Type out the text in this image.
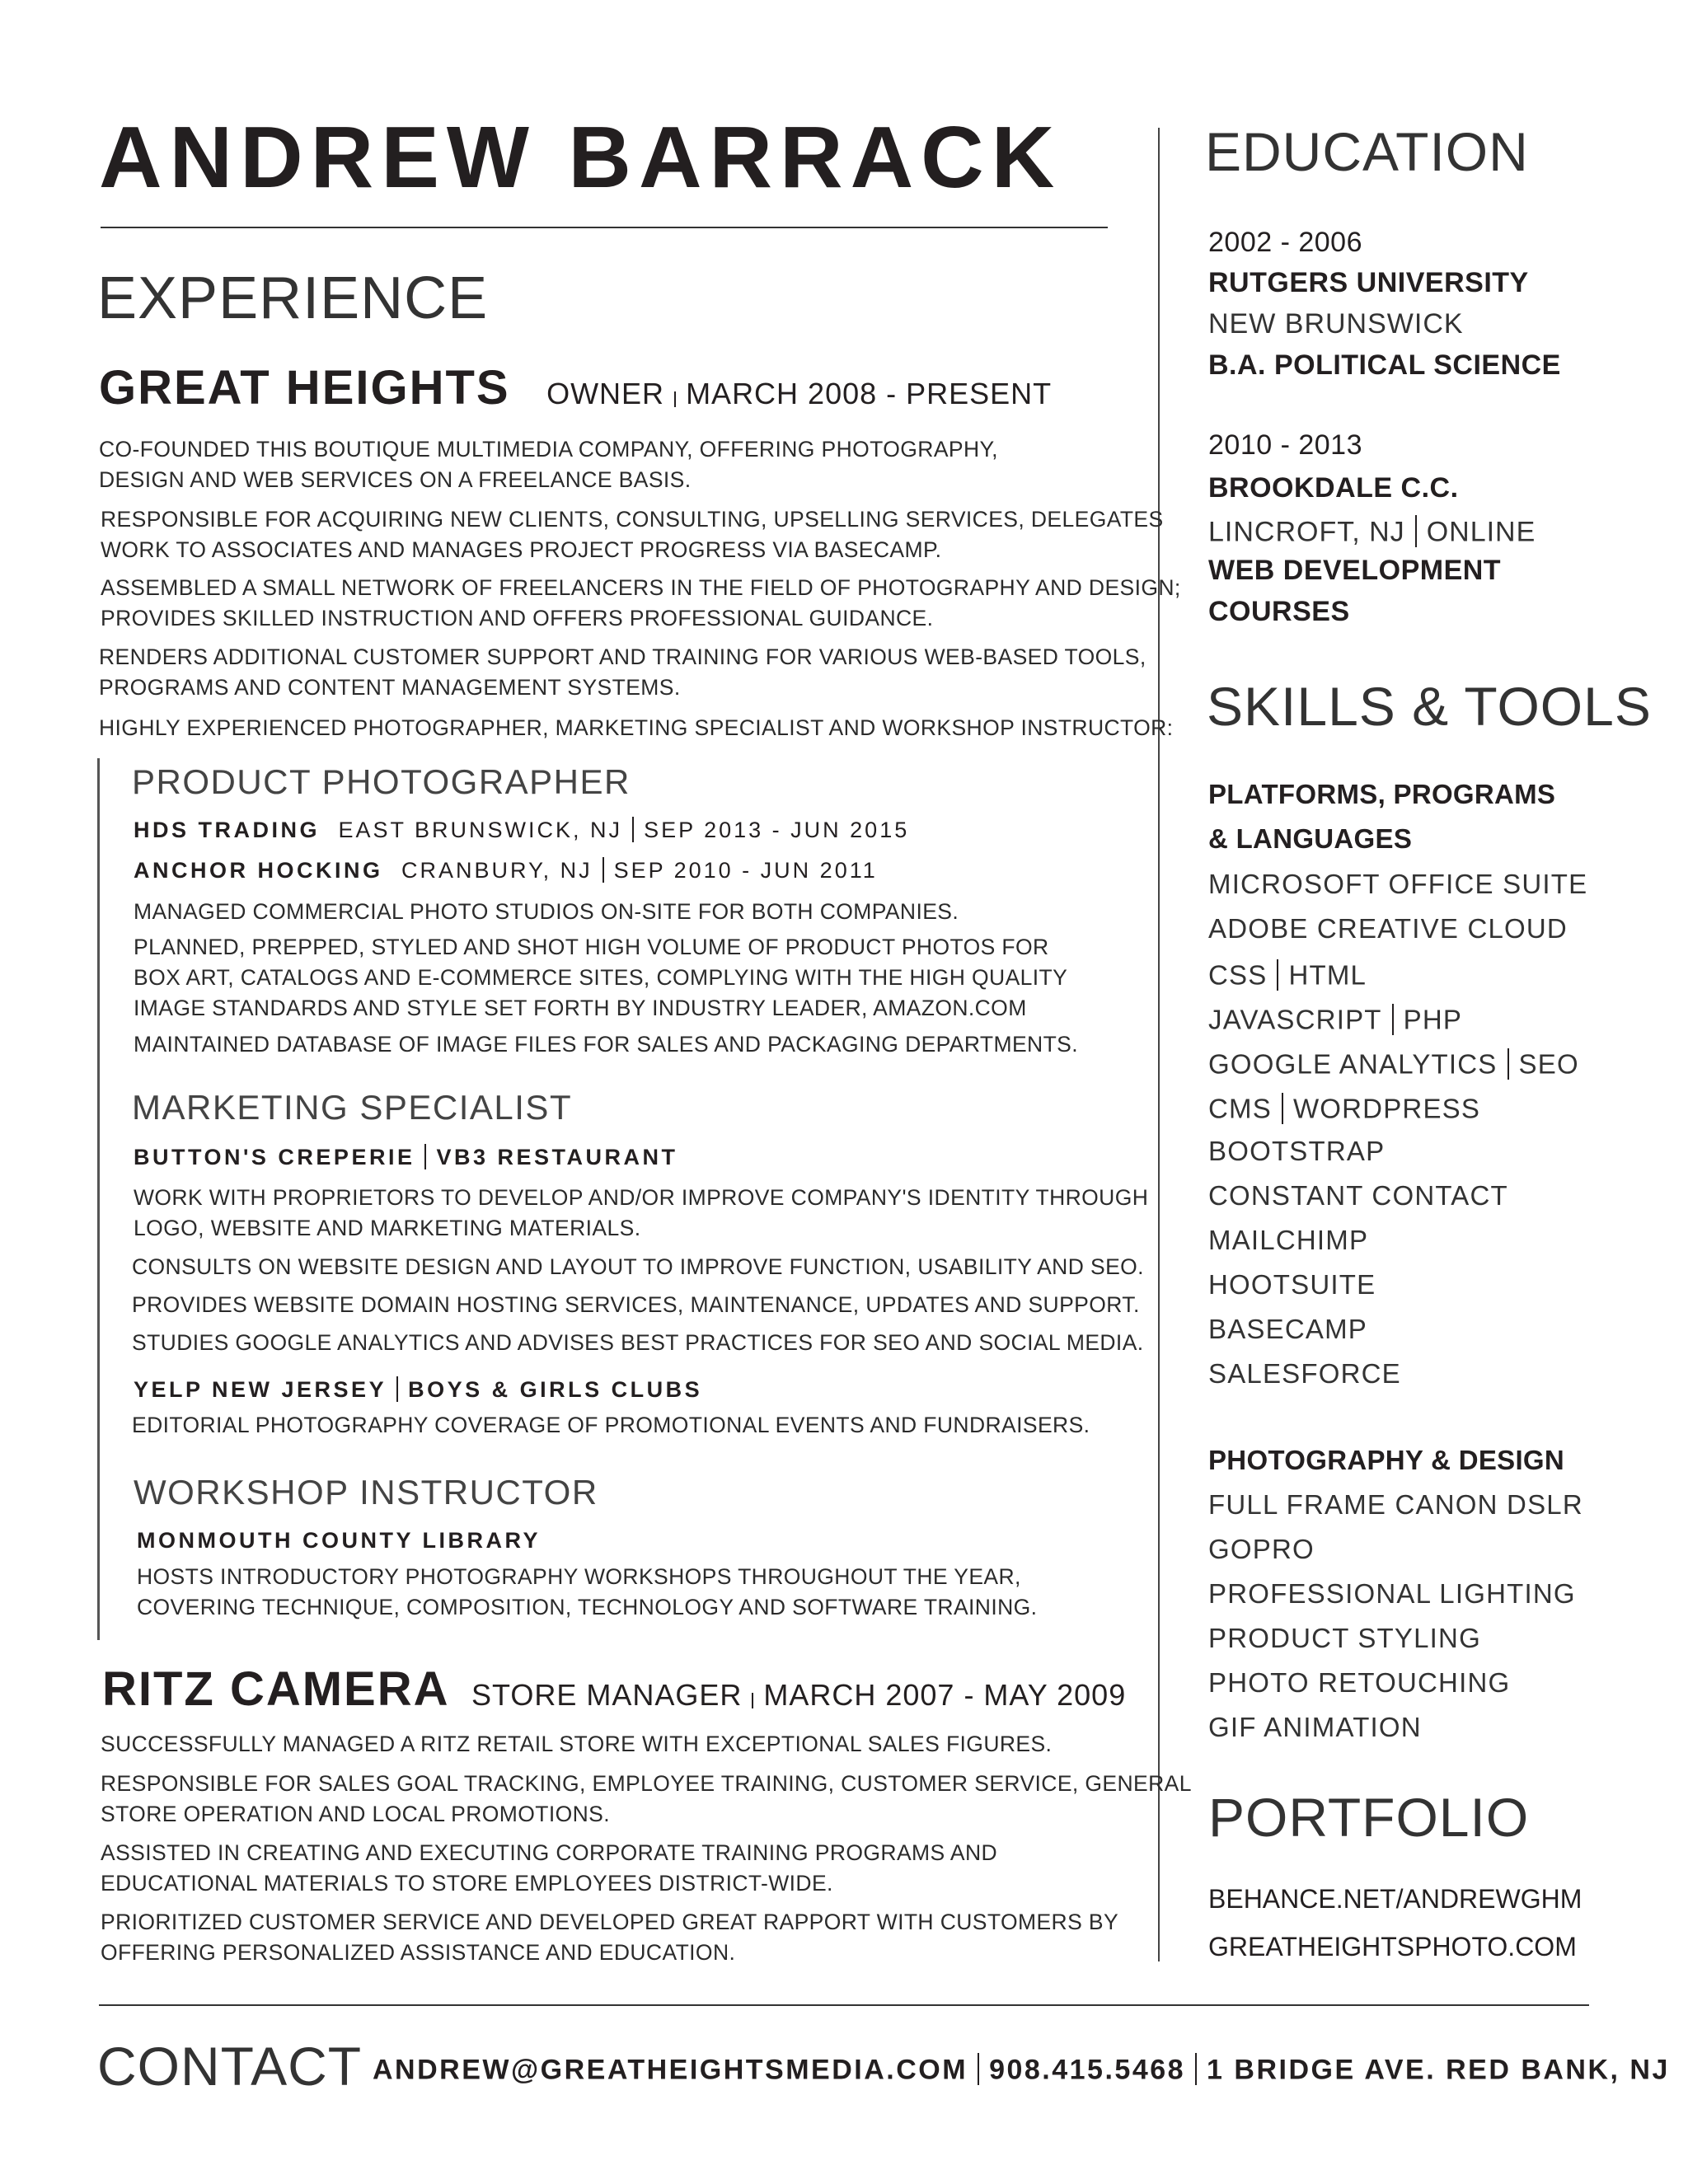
ANDREW BARRACK
EXPERIENCE
GREAT HEIGHTS OWNER MARCH 2008 - PRESENT
CO-FOUNDED THIS BOUTIQUE MULTIMEDIA COMPANY, OFFERING PHOTOGRAPHY,
DESIGN AND WEB SERVICES ON A FREELANCE BASIS.
RESPONSIBLE FOR ACQUIRING NEW CLIENTS, CONSULTING, UPSELLING SERVICES, DELEGATES
WORK TO ASSOCIATES AND MANAGES PROJECT PROGRESS VIA BASECAMP.
ASSEMBLED A SMALL NETWORK OF FREELANCERS IN THE FIELD OF PHOTOGRAPHY AND DESIGN;
PROVIDES SKILLED INSTRUCTION AND OFFERS PROFESSIONAL GUIDANCE.
RENDERS ADDITIONAL CUSTOMER SUPPORT AND TRAINING FOR VARIOUS WEB-BASED TOOLS,
PROGRAMS AND CONTENT MANAGEMENT SYSTEMS.
HIGHLY EXPERIENCED PHOTOGRAPHER, MARKETING SPECIALIST AND WORKSHOP INSTRUCTOR:
PRODUCT PHOTOGRAPHER
HDS TRADING EAST BRUNSWICK, NJ SEP 2013 - JUN 2015
ANCHOR HOCKING CRANBURY, NJ SEP 2010 - JUN 2011
MANAGED COMMERCIAL PHOTO STUDIOS ON-SITE FOR BOTH COMPANIES.
PLANNED, PREPPED, STYLED AND SHOT HIGH VOLUME OF PRODUCT PHOTOS FOR
BOX ART, CATALOGS AND E-COMMERCE SITES, COMPLYING WITH THE HIGH QUALITY
IMAGE STANDARDS AND STYLE SET FORTH BY INDUSTRY LEADER, AMAZON.COM
MAINTAINED DATABASE OF IMAGE FILES FOR SALES AND PACKAGING DEPARTMENTS.
MARKETING SPECIALIST
BUTTON'S CREPERIE VB3 RESTAURANT
WORK WITH PROPRIETORS TO DEVELOP AND/OR IMPROVE COMPANY'S IDENTITY THROUGH
LOGO, WEBSITE AND MARKETING MATERIALS.
CONSULTS ON WEBSITE DESIGN AND LAYOUT TO IMPROVE FUNCTION, USABILITY AND SEO.
PROVIDES WEBSITE DOMAIN HOSTING SERVICES, MAINTENANCE, UPDATES AND SUPPORT.
STUDIES GOOGLE ANALYTICS AND ADVISES BEST PRACTICES FOR SEO AND SOCIAL MEDIA.
YELP NEW JERSEY BOYS & GIRLS CLUBS
EDITORIAL PHOTOGRAPHY COVERAGE OF PROMOTIONAL EVENTS AND FUNDRAISERS.
WORKSHOP INSTRUCTOR
MONMOUTH COUNTY LIBRARY
HOSTS INTRODUCTORY PHOTOGRAPHY WORKSHOPS THROUGHOUT THE YEAR,
COVERING TECHNIQUE, COMPOSITION, TECHNOLOGY AND SOFTWARE TRAINING.
RITZ CAMERA STORE MANAGER MARCH 2007 - MAY 2009
SUCCESSFULLY MANAGED A RITZ RETAIL STORE WITH EXCEPTIONAL SALES FIGURES.
RESPONSIBLE FOR SALES GOAL TRACKING, EMPLOYEE TRAINING, CUSTOMER SERVICE, GENERAL
STORE OPERATION AND LOCAL PROMOTIONS.
ASSISTED IN CREATING AND EXECUTING CORPORATE TRAINING PROGRAMS AND
EDUCATIONAL MATERIALS TO STORE EMPLOYEES DISTRICT-WIDE.
PRIORITIZED CUSTOMER SERVICE AND DEVELOPED GREAT RAPPORT WITH CUSTOMERS BY
OFFERING PERSONALIZED ASSISTANCE AND EDUCATION.
EDUCATION
2002 - 2006
RUTGERS UNIVERSITY
NEW BRUNSWICK
B.A. POLITICAL SCIENCE
2010 - 2013
BROOKDALE C.C.
LINCROFT, NJ ONLINE
WEB DEVELOPMENT
COURSES
SKILLS & TOOLS
PLATFORMS, PROGRAMS
& LANGUAGES
MICROSOFT OFFICE SUITE
ADOBE CREATIVE CLOUD
CSS HTML
JAVASCRIPT PHP
GOOGLE ANALYTICS SEO
CMS WORDPRESS
BOOTSTRAP
CONSTANT CONTACT
MAILCHIMP
HOOTSUITE
BASECAMP
SALESFORCE
PHOTOGRAPHY & DESIGN
FULL FRAME CANON DSLR
GOPRO
PROFESSIONAL LIGHTING
PRODUCT STYLING
PHOTO RETOUCHING
GIF ANIMATION
PORTFOLIO
BEHANCE.NET/ANDREWGHM
GREATHEIGHTSPHOTO.COM
CONTACT ANDREW@GREATHEIGHTSMEDIA.COM 908.415.5468 1 BRIDGE AVE. RED BANK, NJ
